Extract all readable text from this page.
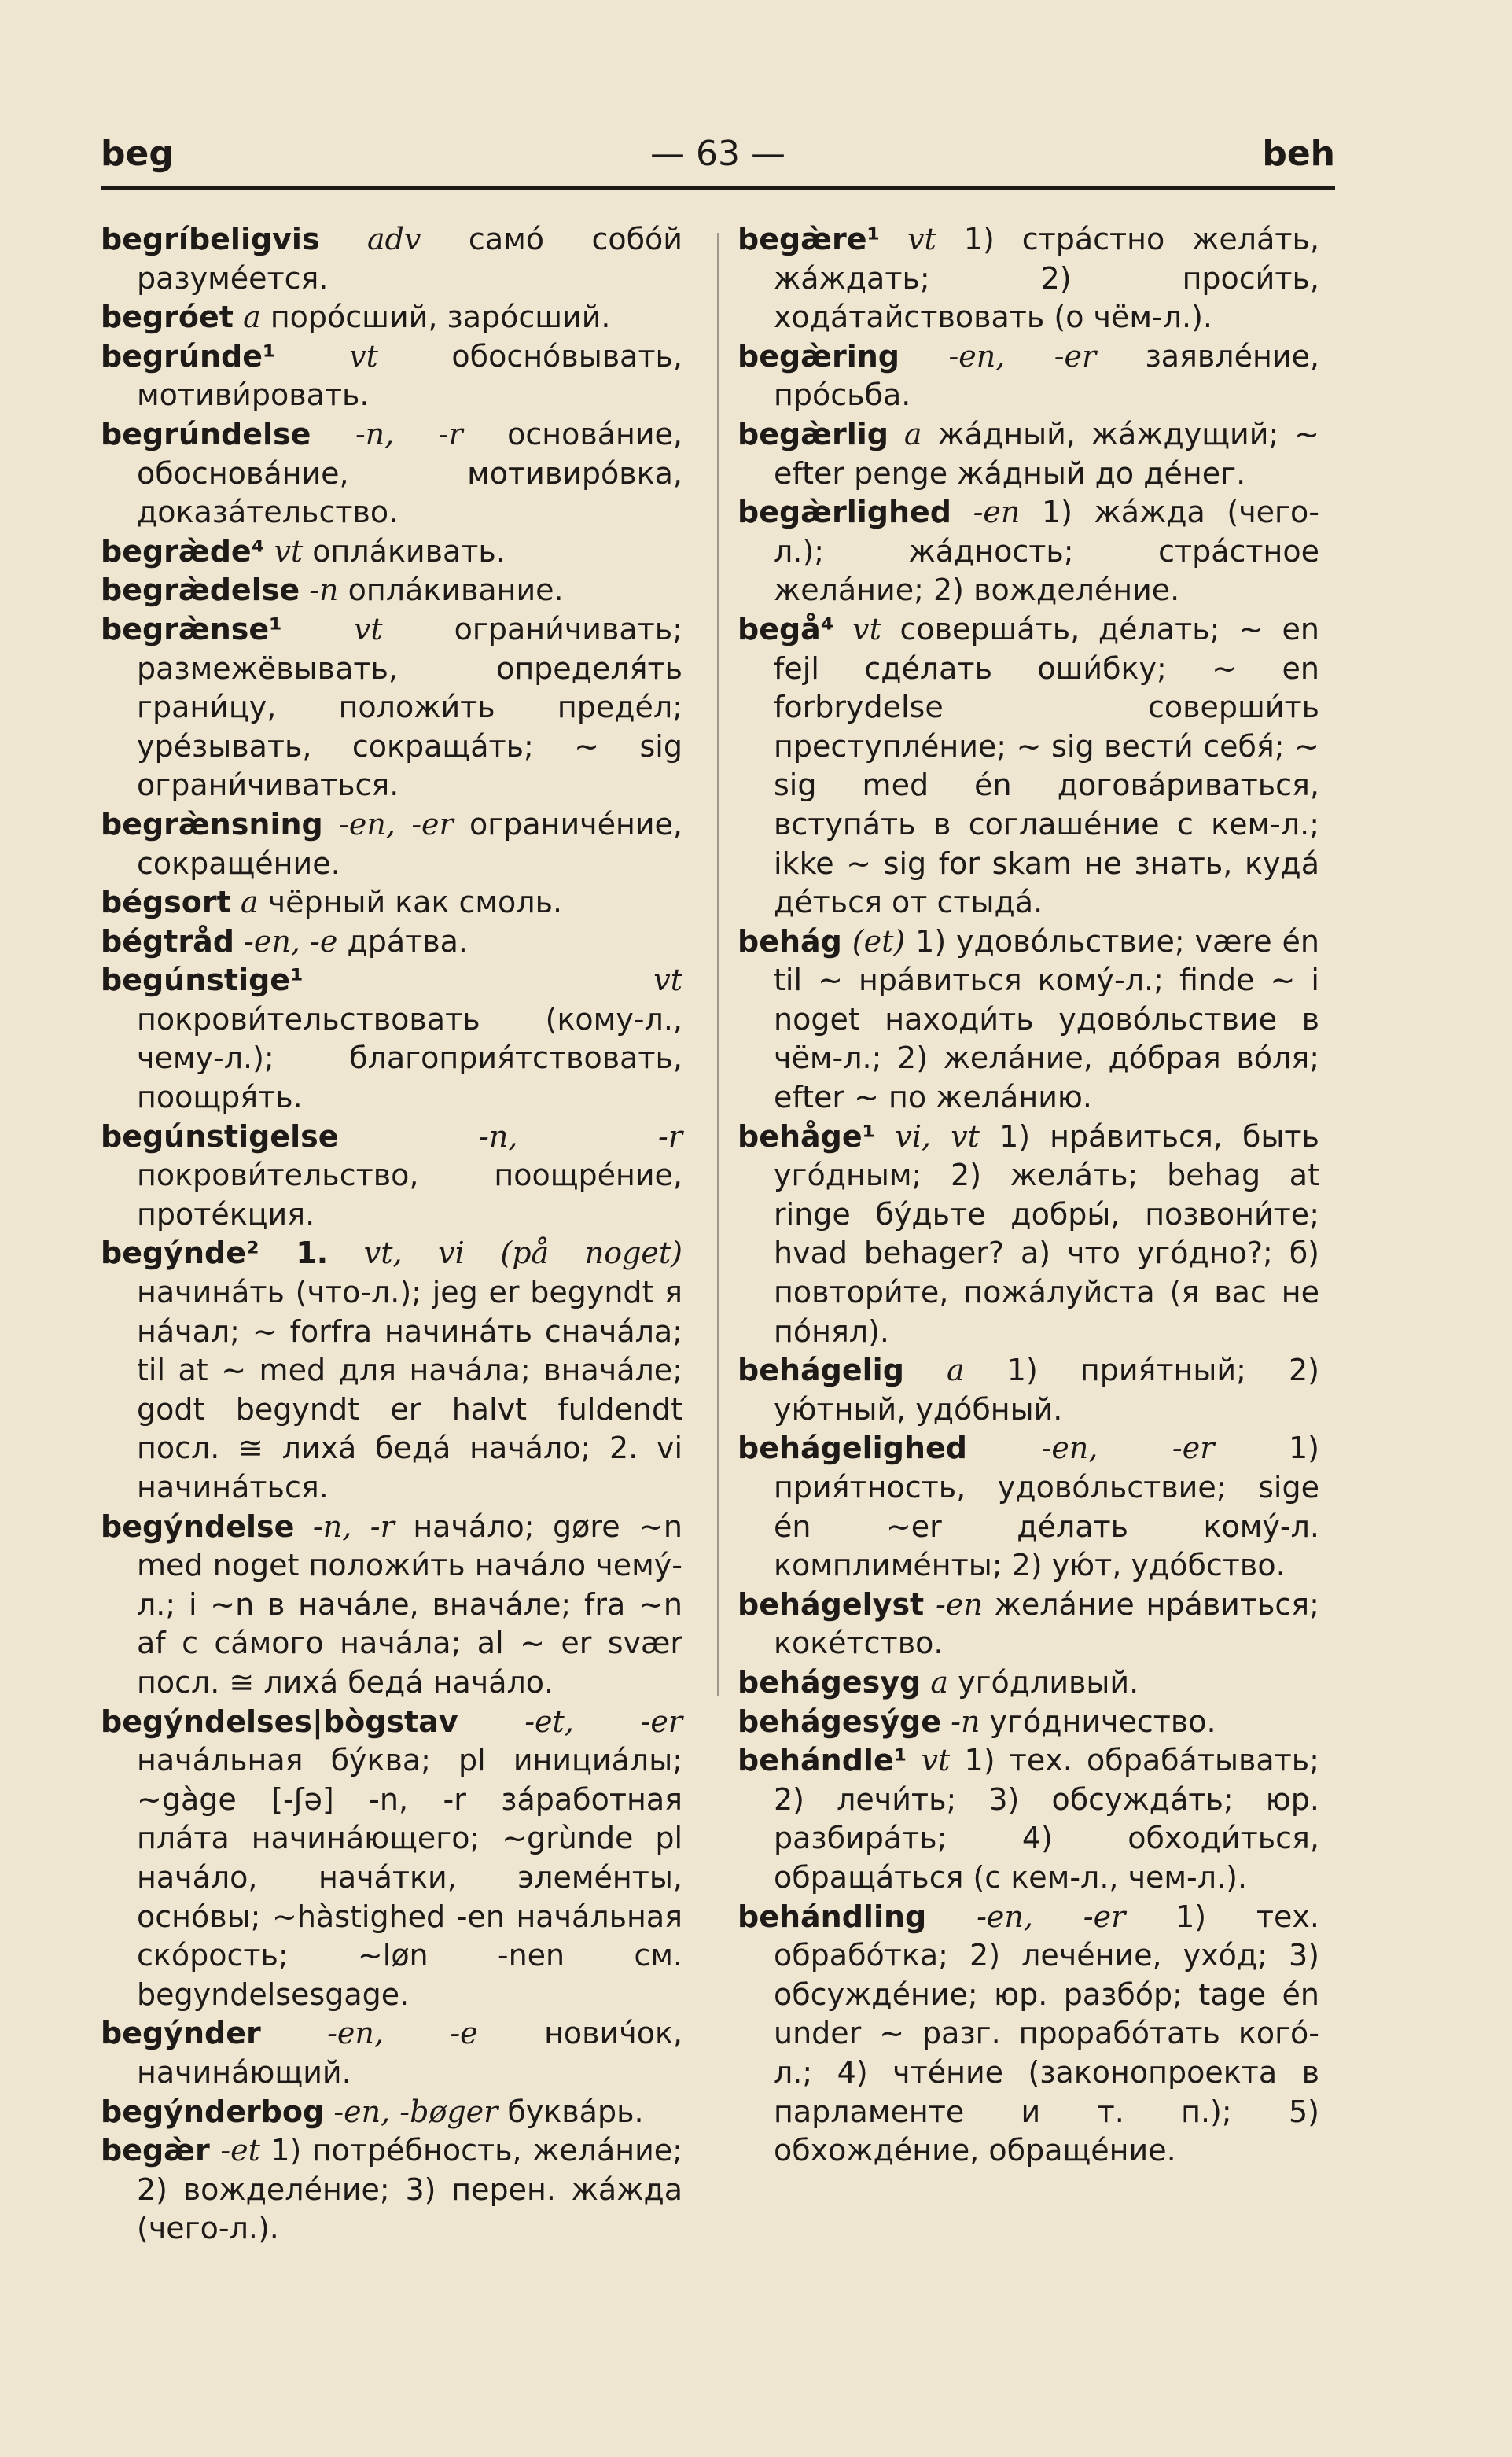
beg	— 63 —	beh

begríbeligvis adv само́ собо́й разуме́ется.

begróet a поро́сший, заро́сший.

begrúnde¹ vt обосно́вывать, мотиви́ровать.

begrúndelse -n, -r основа́ние, обоснова́ние, мотивиро́вка, доказа́тельство.

begræ̀de⁴ vt опла́кивать.

begræ̀delse -n опла́кивание.

begræ̀nse¹ vt ограни́чивать; размежёвывать, определя́ть грани́цу, положи́ть преде́л; уре́зывать, сокраща́ть; ~ sig ограни́чиваться.

begræ̀nsning -en, -er ограниче́ние, сокраще́ние.

bégsort a чёрный как смоль.

bégtråd -en, -e дра́тва.

begúnstige¹	vt покрови́тельствовать (кому-л., чему-л.); благоприя́тствовать, поощря́ть.

begúnstigelse	-n, -r покрови́тельство, поощре́ние, проте́кция.

begýnde² 1. vt, vi (på noget) начина́ть (что-л.); jeg er begyndt я на́чал; ~ forfra начина́ть снача́ла; til at ~ med для нача́ла; внача́ле; godt begyndt er halvt fuldendt посл. ≅ лиха́ беда́ нача́ло; 2. vi начина́ться.

begýndelse -n, -r нача́ло; gøre ~n med noget положи́ть нача́ло чему́-л.; i ~n в нача́ле, внача́ле; fra ~n af с са́мого нача́ла; al ~ er svær посл. ≅ лиха́ беда́ нача́ло.

begýndelses|bògstav -et, -er нача́льная бу́ква; pl инициа́лы; ~gàge [-ʃə] -n, -r за́работная пла́та начина́ющего; ~grùnde pl нача́ло, нача́тки, элеме́нты, осно́вы; ~hàstighed -en нача́льная ско́рость; ~løn -nen см. begyndelsesgage.

begýnder -en, -e нович́ок, начина́ющий.

begýnderbog -en, -bøger буква́рь.

begæ̀r -et 1) потре́бность, жела́ние; 2) вожделе́ние; 3) перен. жа́жда (чего-л.).

begæ̀re¹ vt 1) стра́стно жела́ть, жа́ждать; 2) проси́ть, хода́тайствовать (о чём-л.).

begæ̀ring -en, -er заявле́ние, про́сьба.

begæ̀rlig a жа́дный, жа́ждущий; ~ efter penge жа́дный до де́нег.

begæ̀rlighed -en 1) жа́жда (чего-л.); жа́дность; стра́стное жела́ние; 2) вожделе́ние.

begå⁴ vt соверша́ть, де́лать; ~ en fejl сде́лать оши́бку; ~ en forbrydelse соверши́ть преступле́ние; ~ sig вести́ себя́; ~ sig med én догова́риваться, вступа́ть в соглаше́ние с кем-л.; ikke ~ sig for skam не знать, куда́ де́ться от стыда́.

behág (et) 1) удово́льствие; være én til ~ нра́виться кому́-л.; finde ~ i noget находи́ть удово́льствие в чём-л.; 2) жела́ние, до́брая во́ля; efter ~ по жела́нию.

behåge¹ vi, vt 1) нра́виться, быть уго́дным; 2) жела́ть; behag at ringe бу́дьте добры́, позвони́те; hvad behager? а) что уго́дно?; б) повтори́те, пожа́луйста (я вас не по́нял).

behágelig a 1) прия́тный; 2) ую́тный, удо́бный.

behágelighed -en, -er 1) прия́тность, удово́льствие; sige én ~er де́лать кому́-л. комплиме́нты; 2) ую́т, удо́бство.

behágelyst -en жела́ние нра́виться; коке́тство.

behágesyg a уго́дливый.

behágesýge -n уго́дничество.

behándle¹ vt 1) тех. обраба́тывать; 2) лечи́ть; 3) обсужда́ть; юр. разбира́ть; 4) обходи́ться, обраща́ться (с кем-л., чем-л.).

behándling -en, -er 1) тех. обрабо́тка; 2) лече́ние, ухо́д; 3) обсужде́ние; юр. разбо́р; tage én under ~ разг. прорабо́тать кого́-л.; 4) чте́ние (законопроекта в парламенте и т. п.); 5) обхожде́ние, обраще́ние.
